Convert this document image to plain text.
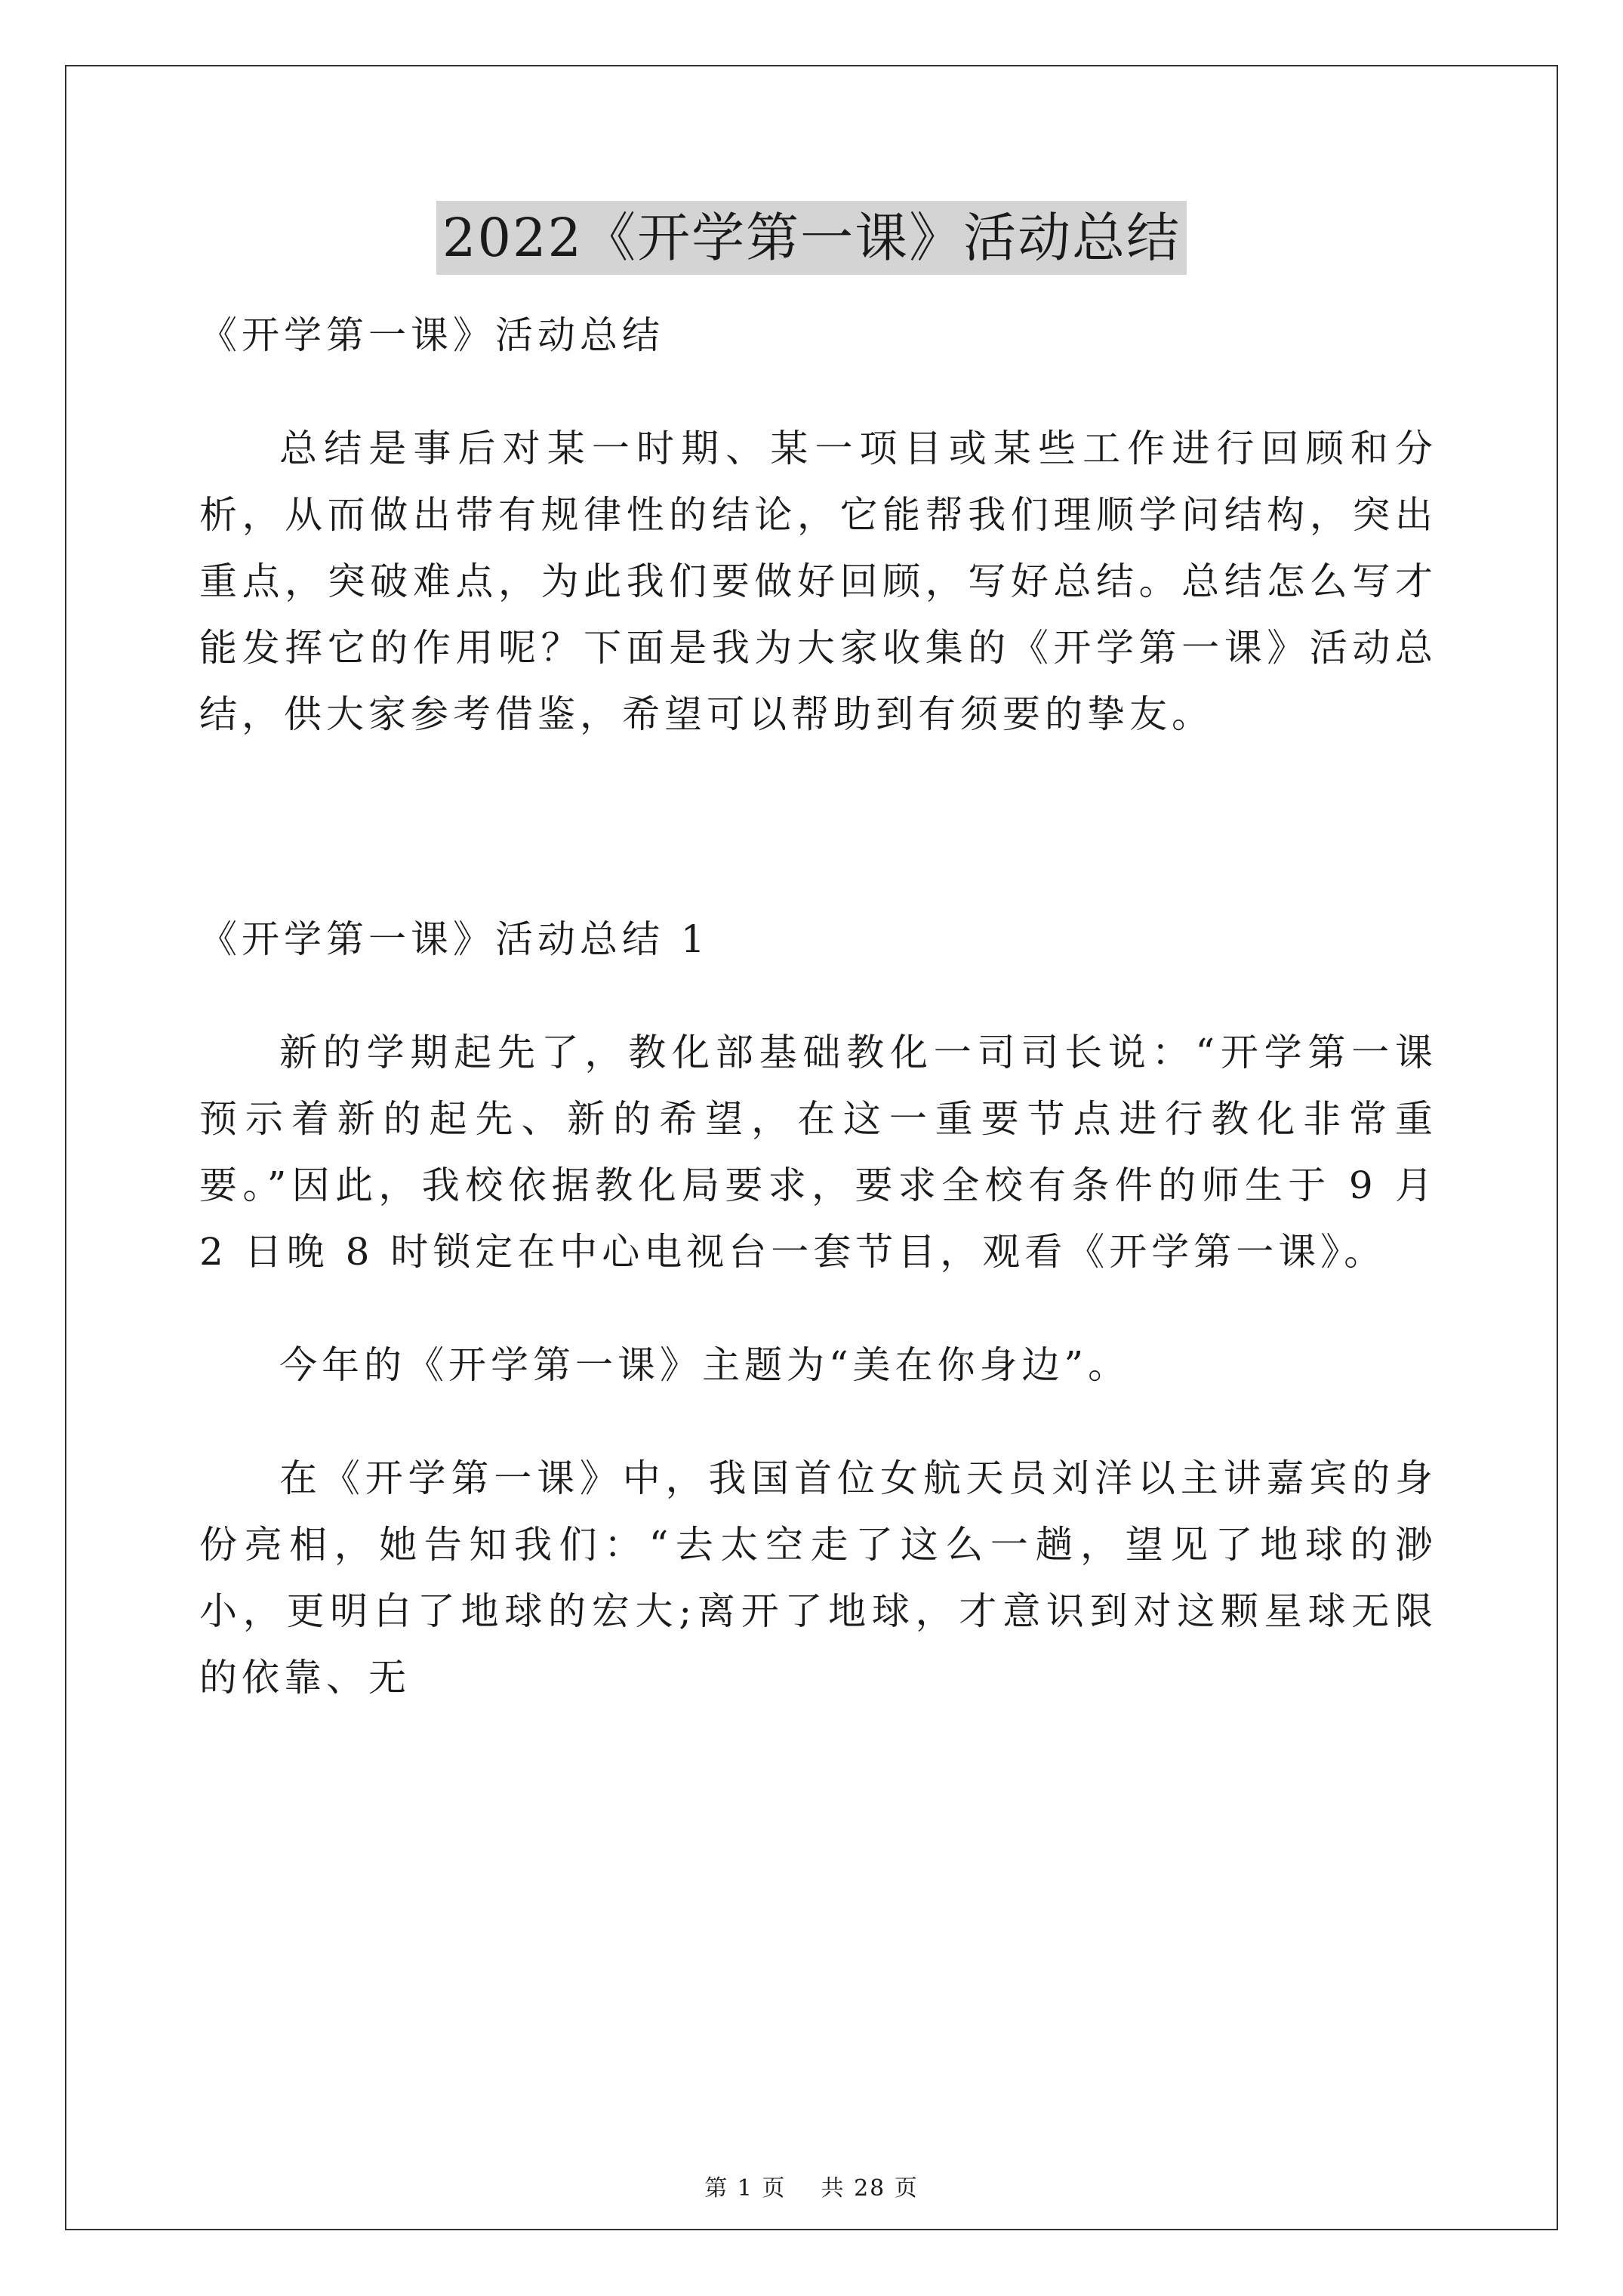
2022《开学第一课》活动总结

《开学第一课》活动总结

总结是事后对某一时期、某一项目或某些工作进行回顾和分析，从而做出带有规律性的结论，它能帮我们理顺学问结构，突出重点，突破难点，为此我们要做好回顾，写好总结。总结怎么写才能发挥它的作用呢？下面是我为大家收集的《开学第一课》活动总结，供大家参考借鉴，希望可以帮助到有须要的挚友。

《开学第一课》活动总结 1

新的学期起先了，教化部基础教化一司司长说：“开学第一课预示着新的起先、新的希望，在这一重要节点进行教化非常重要。”因此，我校依据教化局要求，要求全校有条件的师生于 9 月 2 日晚 8 时锁定在中心电视台一套节目，观看《开学第一课》。

今年的《开学第一课》主题为“美在你身边”。

在《开学第一课》中，我国首位女航天员刘洋以主讲嘉宾的身份亮相，她告知我们：“去太空走了这么一趟，望见了地球的渺小，更明白了地球的宏大;离开了地球，才意识到对这颗星球无限的依靠、无

第 1 页 共 28 页
